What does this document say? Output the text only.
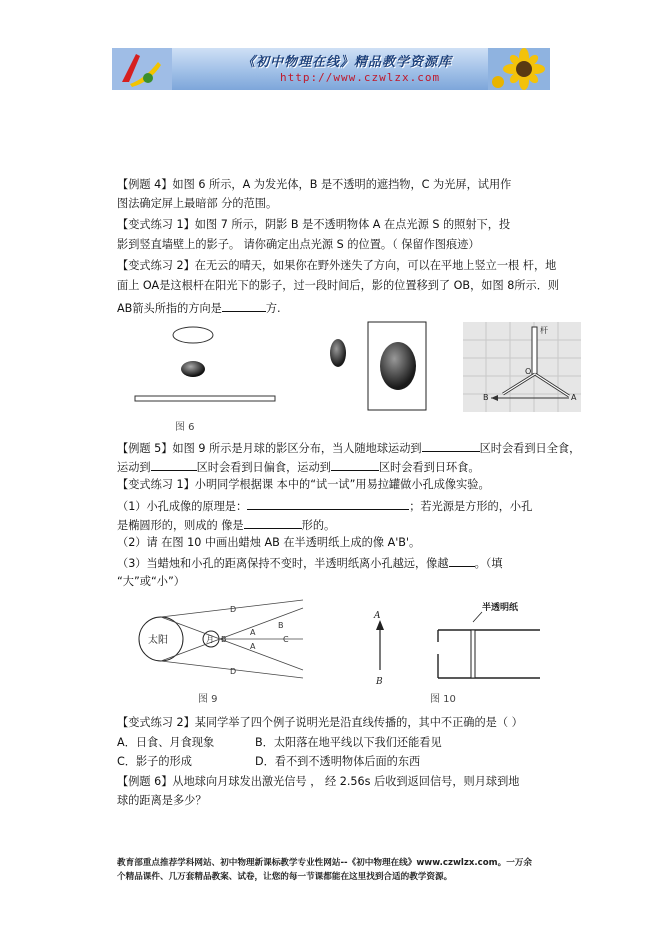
《初中物理在线》精品教学资源库
http://www.czwlzx.com
【例题 4】如图 6 所示，A 为发光体，B 是不透明的遮挡物，C 为光屏，试用作
图法确定屏上最暗部 分的范围。
【变式练习 1】如图 7 所示，阴影 B 是不透明物体 A 在点光源 S 的照射下，投
影到竖直墙壁上的影子。 请你确定出点光源 S 的位置。（ 保留作图痕迹）
【变式练习 2】在无云的晴天，如果你在野外迷失了方向，可以在平地上竖立一根 杆，地
面上 OA是这根杆在阳光下的影子，过一段时间后，影的位置移到了 OB，如图 8所示．则
AB箭头所指的方向是	方.
图 6
杆
O
A
B
【例题 5】如图 9 所示是月球的影区分布，当人随地球运动到	区时会看到日全食，
运动到	区时会看到日偏食，运动到	区时会看到日环食。
【变式练习 1】小明同学根据课 本中的“试一试”用易拉罐做小孔成像实验。
（1）小孔成像的原理是：	；若光源是方形的，小孔
是椭圆形的，则成的 像是	形的。
（2）请 在图 10 中画出蜡烛 AB 在半透明纸上成的像 A'B'。
（3）当蜡烛和小孔的距离保持不变时，半透明纸离小孔越远，像越 。（填
“大”或“小”）
太阳	月
D
D
B
A
A
C
B
图 9
A
B
半透明纸
图 10
【变式练习 2】某同学举了四个例子说明光是沿直线传播的，其中不正确的是（ ）
A．日食、月食现象	B．太阳落在地平线以下我们还能看见
C．影子的形成	D．看不到不透明物体后面的东西
【例题 6】从地球向月球发出激光信号 ， 经 2.56s 后收到返回信号，则月球到地
球的距离是多少？
教育部重点推荐学科网站、初中物理新课标教学专业性网站--《初中物理在线》www.czwlzx.com。一万余
个精品课件、几万套精品教案、试卷，让您的每一节课都能在这里找到合适的教学资源。
